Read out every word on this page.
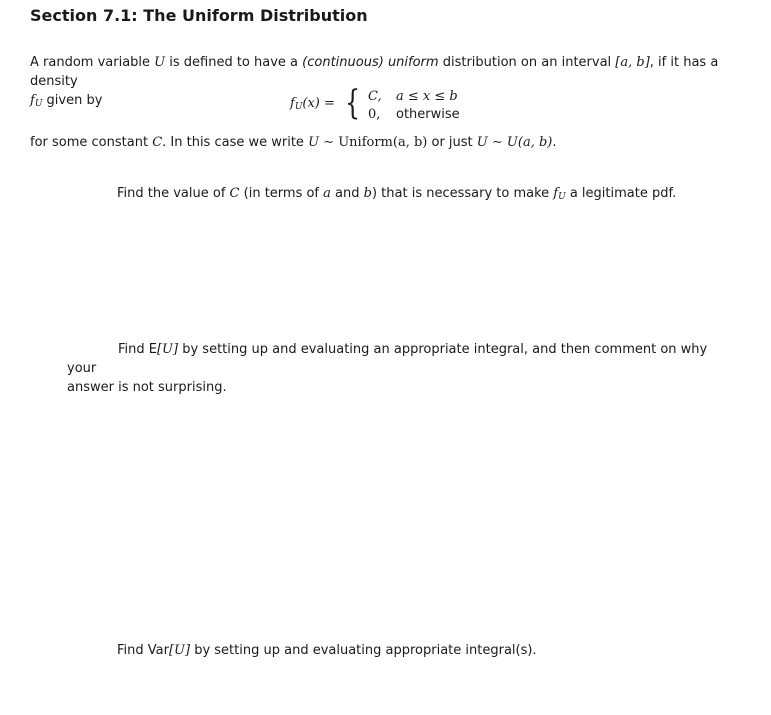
Section 7.1: The Uniform Distribution
A random variable U is defined to have a (continuous) uniform distribution on an interval [a, b], if it has a density
$f_U$ given by	$f_U(x)$ = { C, a ≤ x ≤ b
0, otherwise
for some constant C. In this case we write U ∼ Uniform(a, b) or just U ∼ U(a, b).
Find the value of C (in terms of a and b) that is necessary to make $f_U$ a legitimate pdf.
Find E[U] by setting up and evaluating an appropriate integral, and then comment on why your
answer is not surprising.
Find Var[U] by setting up and evaluating appropriate integral(s).
